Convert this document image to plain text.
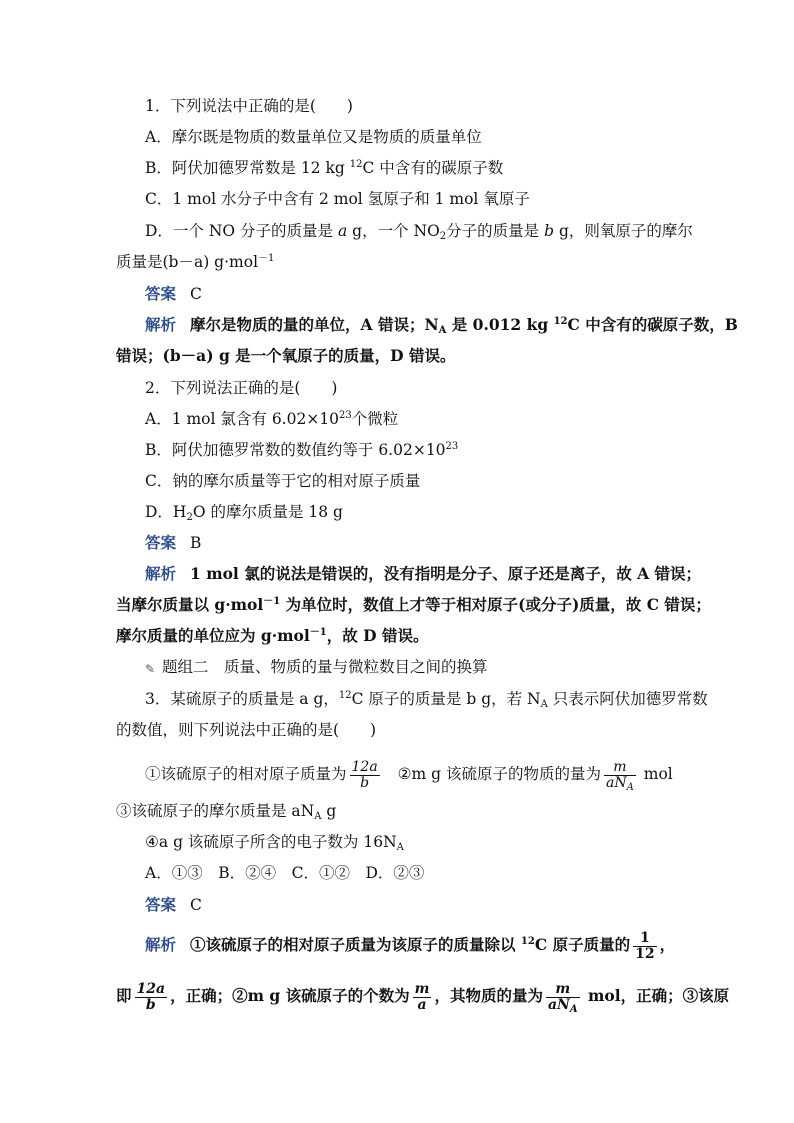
1．下列说法中正确的是(　　)
A．摩尔既是物质的数量单位又是物质的质量单位
B．阿伏加德罗常数是 12 kg $^{12}$C 中含有的碳原子数
C．1 mol 水分子中含有 2 mol 氢原子和 1 mol 氧原子
D．一个 NO 分子的质量是 a g，一个 $NO_2$分子的质量是 b g，则氧原子的摩尔
质量是(b－a) g·mol$^{-1}$
答案 C
解析 摩尔是物质的量的单位，A 错误；$N_A$ 是 0.012 kg $^{12}$C 中含有的碳原子数，B
错误；(b－a) g 是一个氧原子的质量，D 错误。
2．下列说法正确的是(　　)
A．1 mol 氯含有 $6.02\times 10^{23}$个微粒
B．阿伏加德罗常数的数值约等于 $6.02\times 10^{23}$
C．钠的摩尔质量等于它的相对原子质量
D．$H_2O$ 的摩尔质量是 18 g
答案 B
解析 1 mol 氯的说法是错误的，没有指明是分子、原子还是离子，故 A 错误；
当摩尔质量以 g·mol$^{-1}$ 为单位时，数值上才等于相对原子(或分子)质量，故 C 错误；
摩尔质量的单位应为 g·mol$^{-1}$，故 D 错误。
✎ 题组二　质量、物质的量与微粒数目之间的换算
3．某硫原子的质量是 a g，$^{12}$C 原子的质量是 b g，若 $N_A$ 只表示阿伏加德罗常数
的数值，则下列说法中正确的是(　　)
①该硫原子的相对原子质量为 $\frac{12a}{b}$ ②m g 该硫原子的物质的量为 $\frac{m}{aN_A}$ mol
③该硫原子的摩尔质量是 $aN_A$ g
④a g 该硫原子所含的电子数为 $16N_A$
A．①③　B．②④　C．①②　D．②③
答案 C
解析 ①该硫原子的相对原子质量为该原子的质量除以 $^{12}$C 原子质量的 $\frac{1}{12}$ ，
即 $\frac{12a}{b}$ ，正确；②m g 该硫原子的个数为 $\frac{m}{a}$ ，其物质的量为 $\frac{m}{aN_A}$ mol，正确；③该原
